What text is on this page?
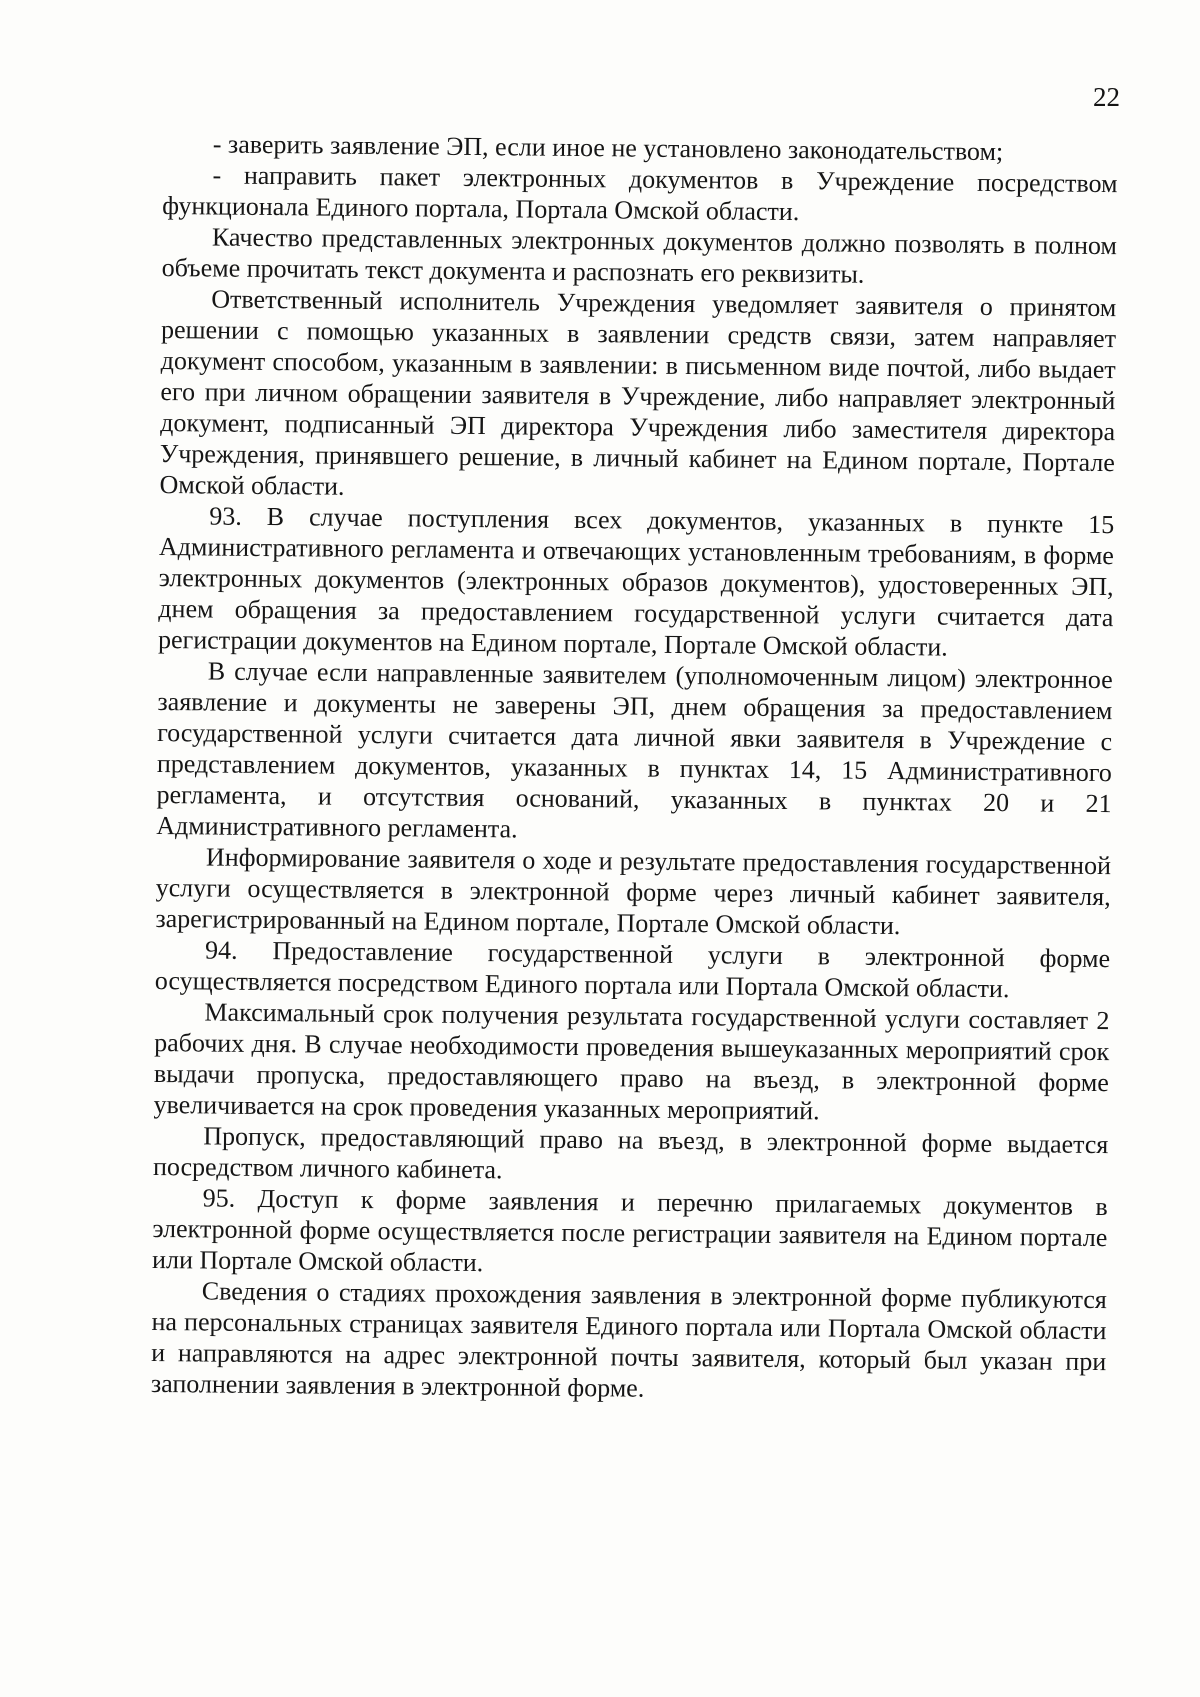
22

- заверить заявление ЭП, если иное не установлено законодательством;

- направить пакет электронных документов в Учреждение посредством функционала Единого портала, Портала Омской области.

Качество представленных электронных документов должно позволять в полном объеме прочитать текст документа и распознать его реквизиты.

Ответственный исполнитель Учреждения уведомляет заявителя о принятом решении с помощью указанных в заявлении средств связи, затем направляет документ способом, указанным в заявлении: в письменном виде почтой, либо выдает его при личном обращении заявителя в Учреждение, либо направляет электронный документ, подписанный ЭП директора Учреждения либо заместителя директора Учреждения, принявшего решение, в личный кабинет на Едином портале, Портале Омской области.

93. В случае поступления всех документов, указанных в пункте 15 Административного регламента и отвечающих установленным требованиям, в форме электронных документов (электронных образов документов), удостоверенных ЭП, днем обращения за предоставлением государственной услуги считается дата регистрации документов на Едином портале, Портале Омской области.

В случае если направленные заявителем (уполномоченным лицом) электронное заявление и документы не заверены ЭП, днем обращения за предоставлением государственной услуги считается дата личной явки заявителя в Учреждение с представлением документов, указанных в пунктах 14, 15 Административного регламента, и отсутствия оснований, указанных в пунктах 20 и 21 Административного регламента.

Информирование заявителя о ходе и результате предоставления государственной услуги осуществляется в электронной форме через личный кабинет заявителя, зарегистрированный на Едином портале, Портале Омской области.

94. Предоставление государственной услуги в электронной форме осуществляется посредством Единого портала или Портала Омской области.

Максимальный срок получения результата государственной услуги составляет 2 рабочих дня. В случае необходимости проведения вышеуказанных мероприятий срок выдачи пропуска, предоставляющего право на въезд, в электронной форме увеличивается на срок проведения указанных мероприятий.

Пропуск, предоставляющий право на въезд, в электронной форме выдается посредством личного кабинета.

95. Доступ к форме заявления и перечню прилагаемых документов в электронной форме осуществляется после регистрации заявителя на Едином портале или Портале Омской области.

Сведения о стадиях прохождения заявления в электронной форме публикуются на персональных страницах заявителя Единого портала или Портала Омской области и направляются на адрес электронной почты заявителя, который был указан при заполнении заявления в электронной форме.
